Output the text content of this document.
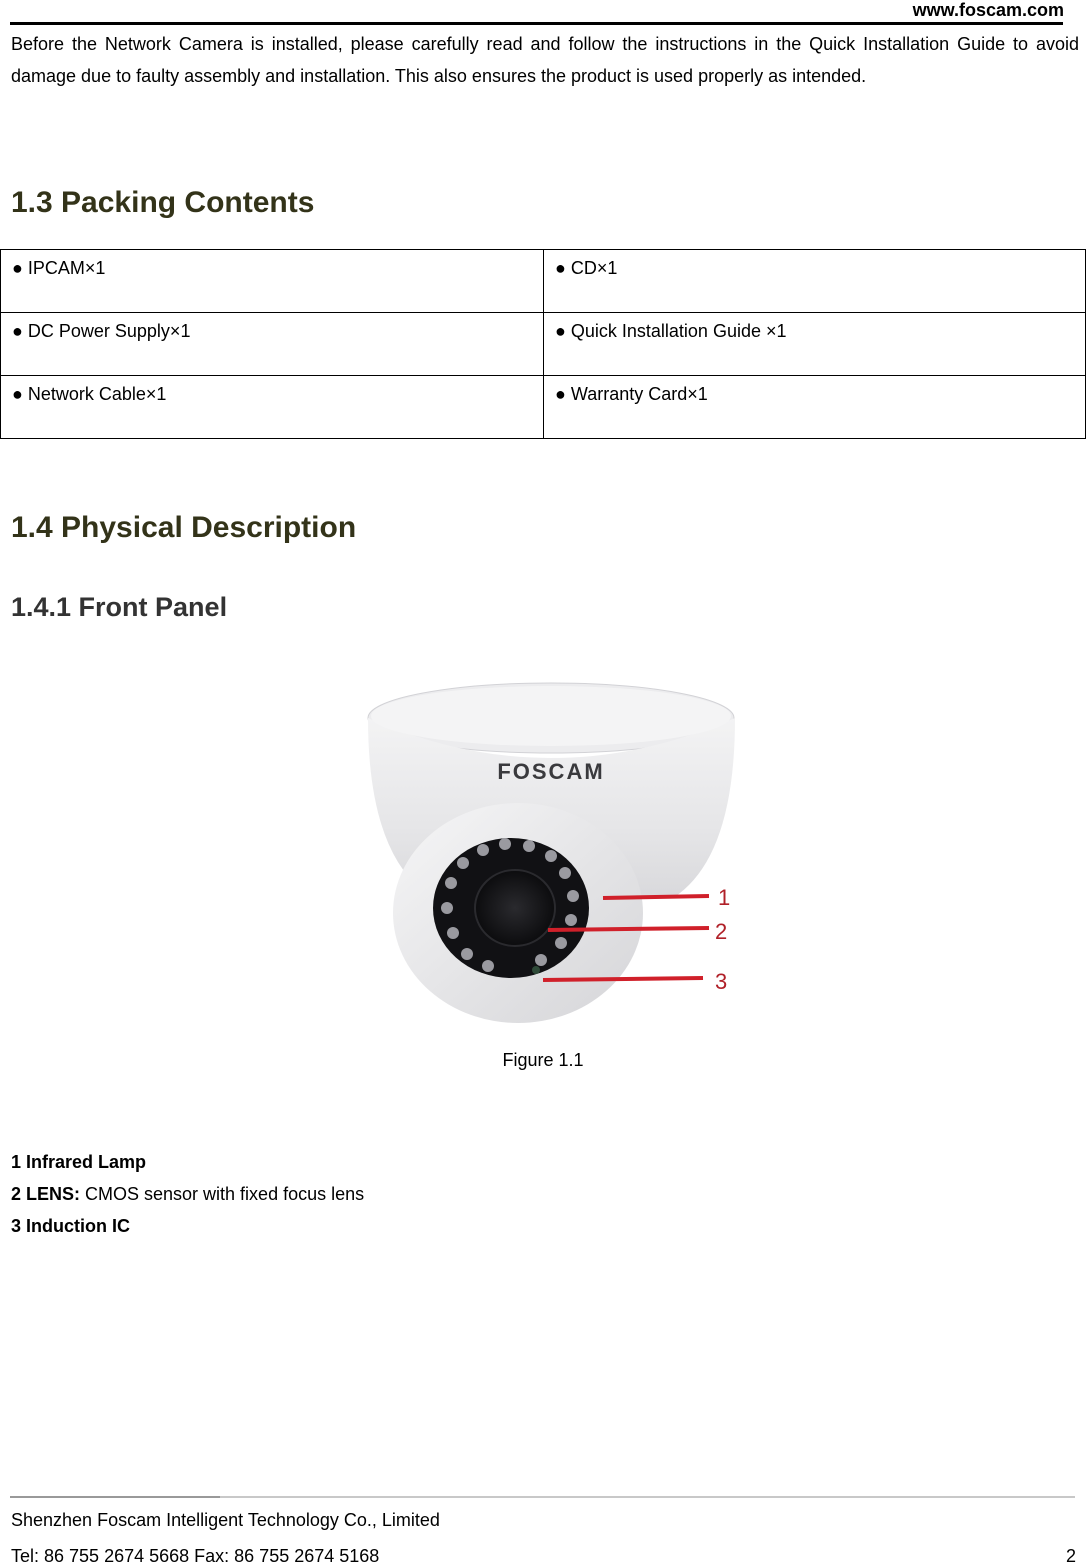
www.foscam.com

Before the Network Camera is installed, please carefully read and follow the instructions in the Quick Installation Guide to avoid damage due to faulty assembly and installation. This also ensures the product is used properly as intended.

1.3 Packing Contents
● IPCAM×1	● CD×1
● DC Power Supply×1	● Quick Installation Guide ×1
● Network Cable×1	● Warranty Card×1
1.4 Physical Description
1.4.1 Front Panel
FOSCAM
1
2
3
Figure 1.1
1 Infrared Lamp
2 LENS: CMOS sensor with fixed focus lens
3 Induction IC
Shenzhen Foscam Intelligent Technology Co., Limited
Tel: 86 755 2674 5668 Fax: 86 755 2674 5168	2
